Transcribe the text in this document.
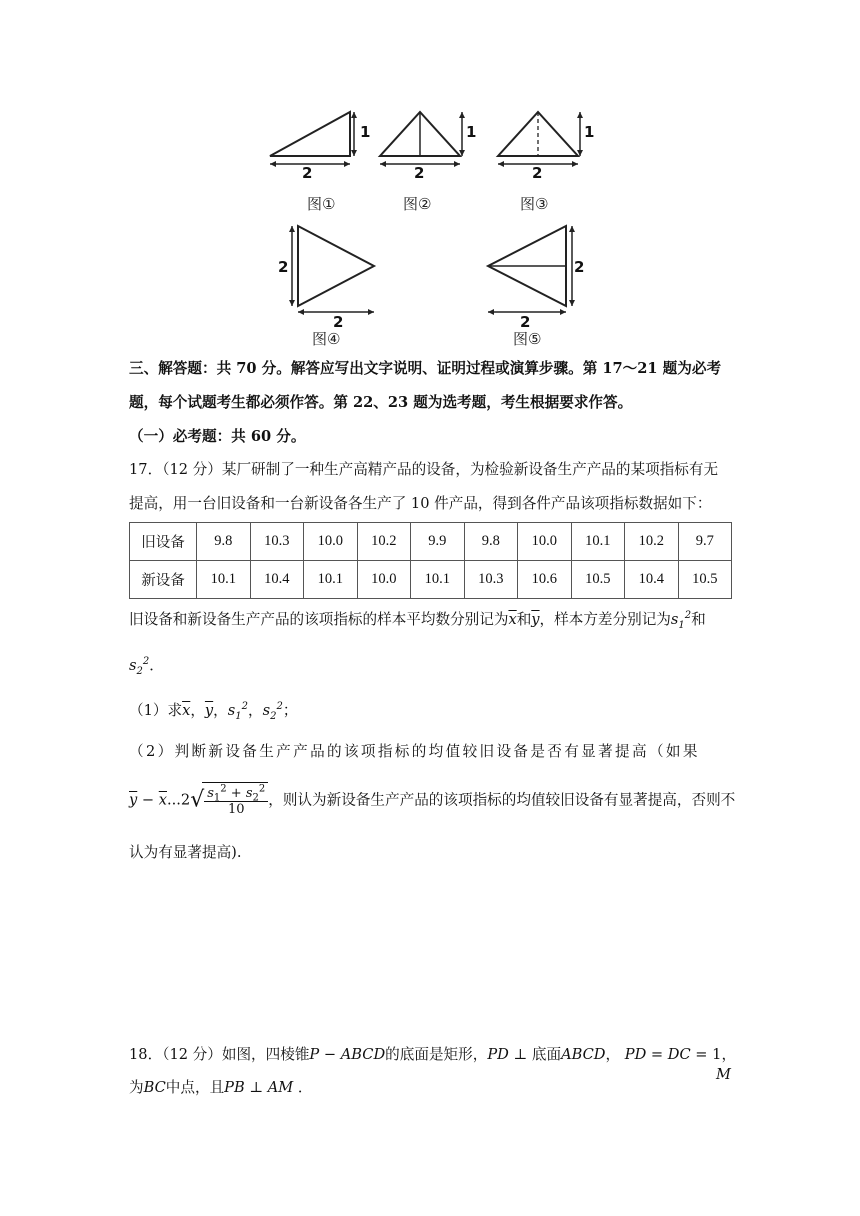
1
2
图①
1
2
图②
1
2
图③
2
2
图④
2
2
图⑤
三、解答题：共 70 分。解答应写出文字说明、证明过程或演算步骤。第 17～21 题为必考
题，每个试题考生都必须作答。第 22、23 题为选考题，考生根据要求作答。
（一）必考题：共 60 分。
17．（12 分）某厂研制了一种生产高精产品的设备，为检验新设备生产产品的某项指标有无
提高，用一台旧设备和一台新设备各生产了 10 件产品，得到各件产品该项指标数据如下：
旧设备	9.8	10.3	10.0	10.2	9.9	9.8	10.0	10.1	10.2	9.7
新设备	10.1	10.4	10.1	10.0	10.1	10.3	10.6	10.5	10.4	10.5
旧设备和新设备生产产品的该项指标的样本平均数分别记为$\overline{x}$和$\overline{y}$，样本方差分别记为$s_1^2$和
$s_2^2$．
（1）求$\overline{x}$，$\overline{y}$，$s_1^2$，$s_2^2$；
（2）判断新设备生产产品的该项指标的均值较旧设备是否有显著提高（如果
$\overline{y} - \overline{x}...2√ \frac{s_1^2 + s_2^2}{10}$ ，则认为新设备生产产品的该项指标的均值较旧设备有显著提高，否则不
认为有显著提高).
18．（12 分）如图，四棱锥P − ABCD的底面是矩形，PD ⊥ 底面ABCD， PD = DC = 1，
M
为BC中点，且PB ⊥ AM ．
